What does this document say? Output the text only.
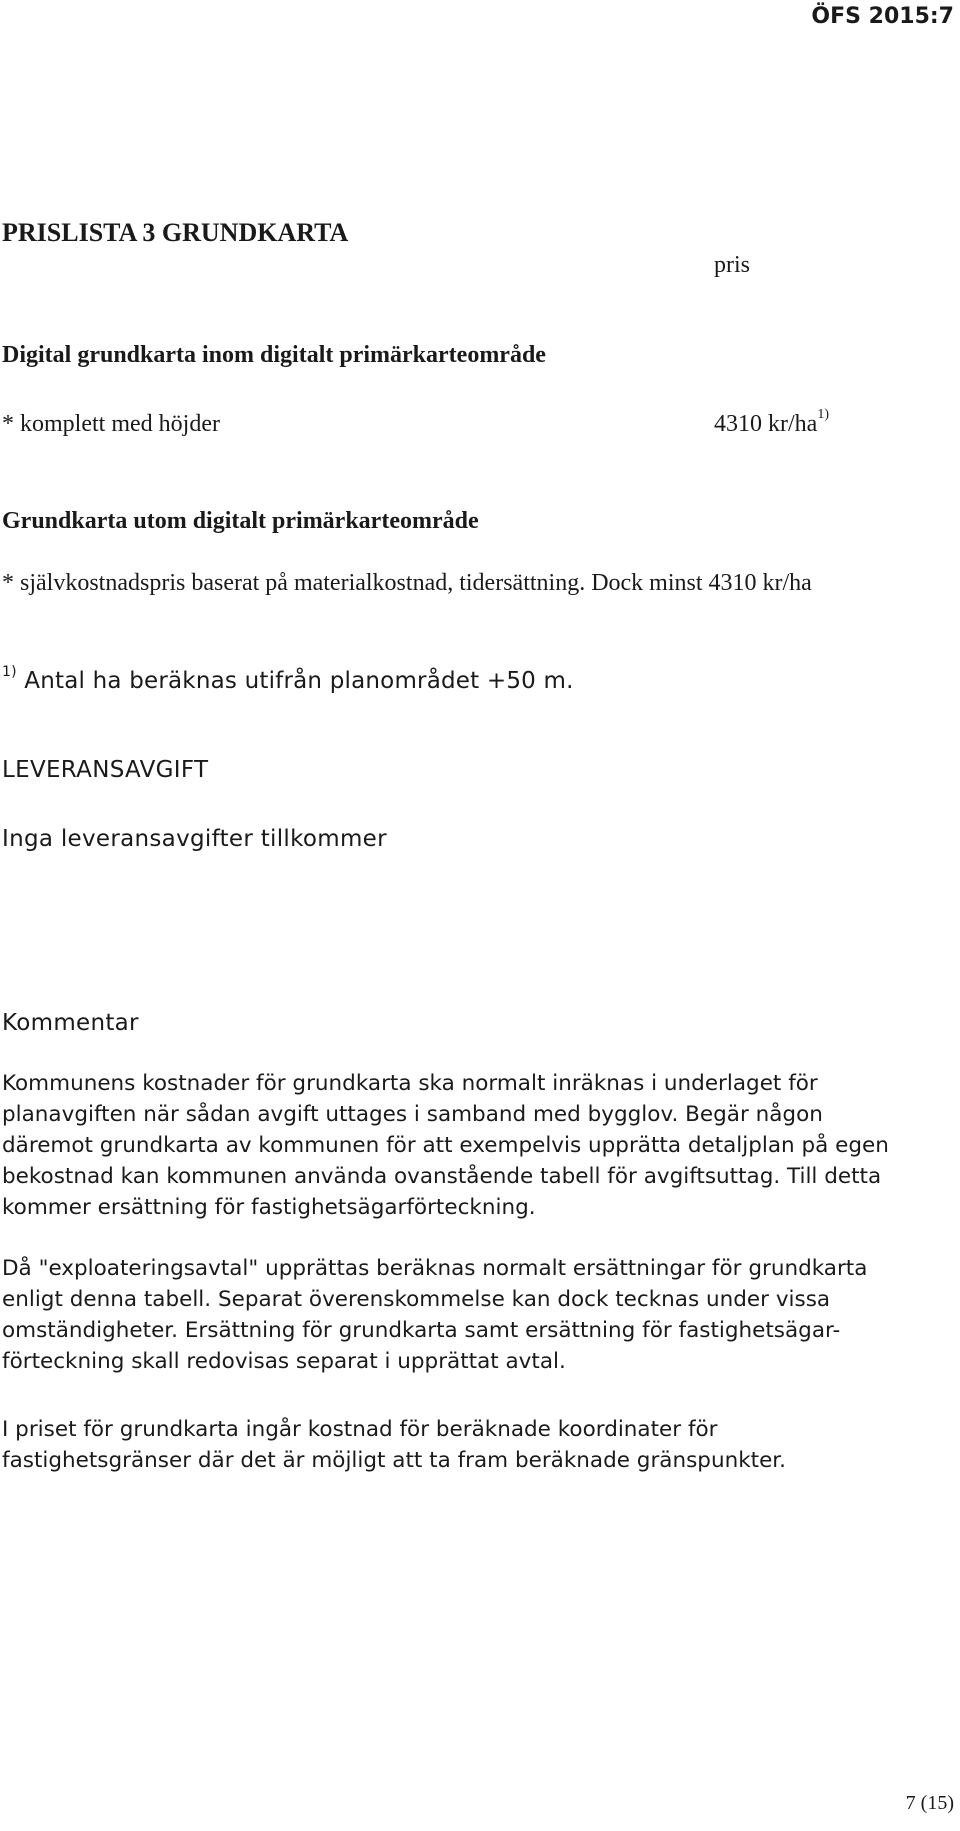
ÖFS 2015:7
PRISLISTA 3 GRUNDKARTA
pris
Digital grundkarta inom digitalt primärkarteområde
* komplett med höjder	4310 $kr/ha^{1)}$
Grundkarta utom digitalt primärkarteområde
* självkostnadspris baserat på materialkostnad, tidersättning. Dock minst 4310 kr/ha
$^{1)}$ Antal ha beräknas utifrån planområdet +50 m.
LEVERANSAVGIFT
Inga leveransavgifter tillkommer
Kommentar

Kommunens kostnader för grundkarta ska normalt inräknas i underlaget för planavgiften när sådan avgift uttages i samband med bygglov. Begär någon däremot grundkarta av kommunen för att exempelvis upprätta detaljplan på egen bekostnad kan kommunen använda ovanstående tabell för avgiftsuttag. Till detta kommer ersättning för fastighetsägarförteckning.

Då "exploateringsavtal" upprättas beräknas normalt ersättningar för grundkarta enligt denna tabell. Separat överenskommelse kan dock tecknas under vissa omständigheter. Ersättning för grundkarta samt ersättning för fastighetsägar-förteckning skall redovisas separat i upprättat avtal.

I priset för grundkarta ingår kostnad för beräknade koordinater för fastighetsgränser där det är möjligt att ta fram beräknade gränspunkter.

7 (15)
